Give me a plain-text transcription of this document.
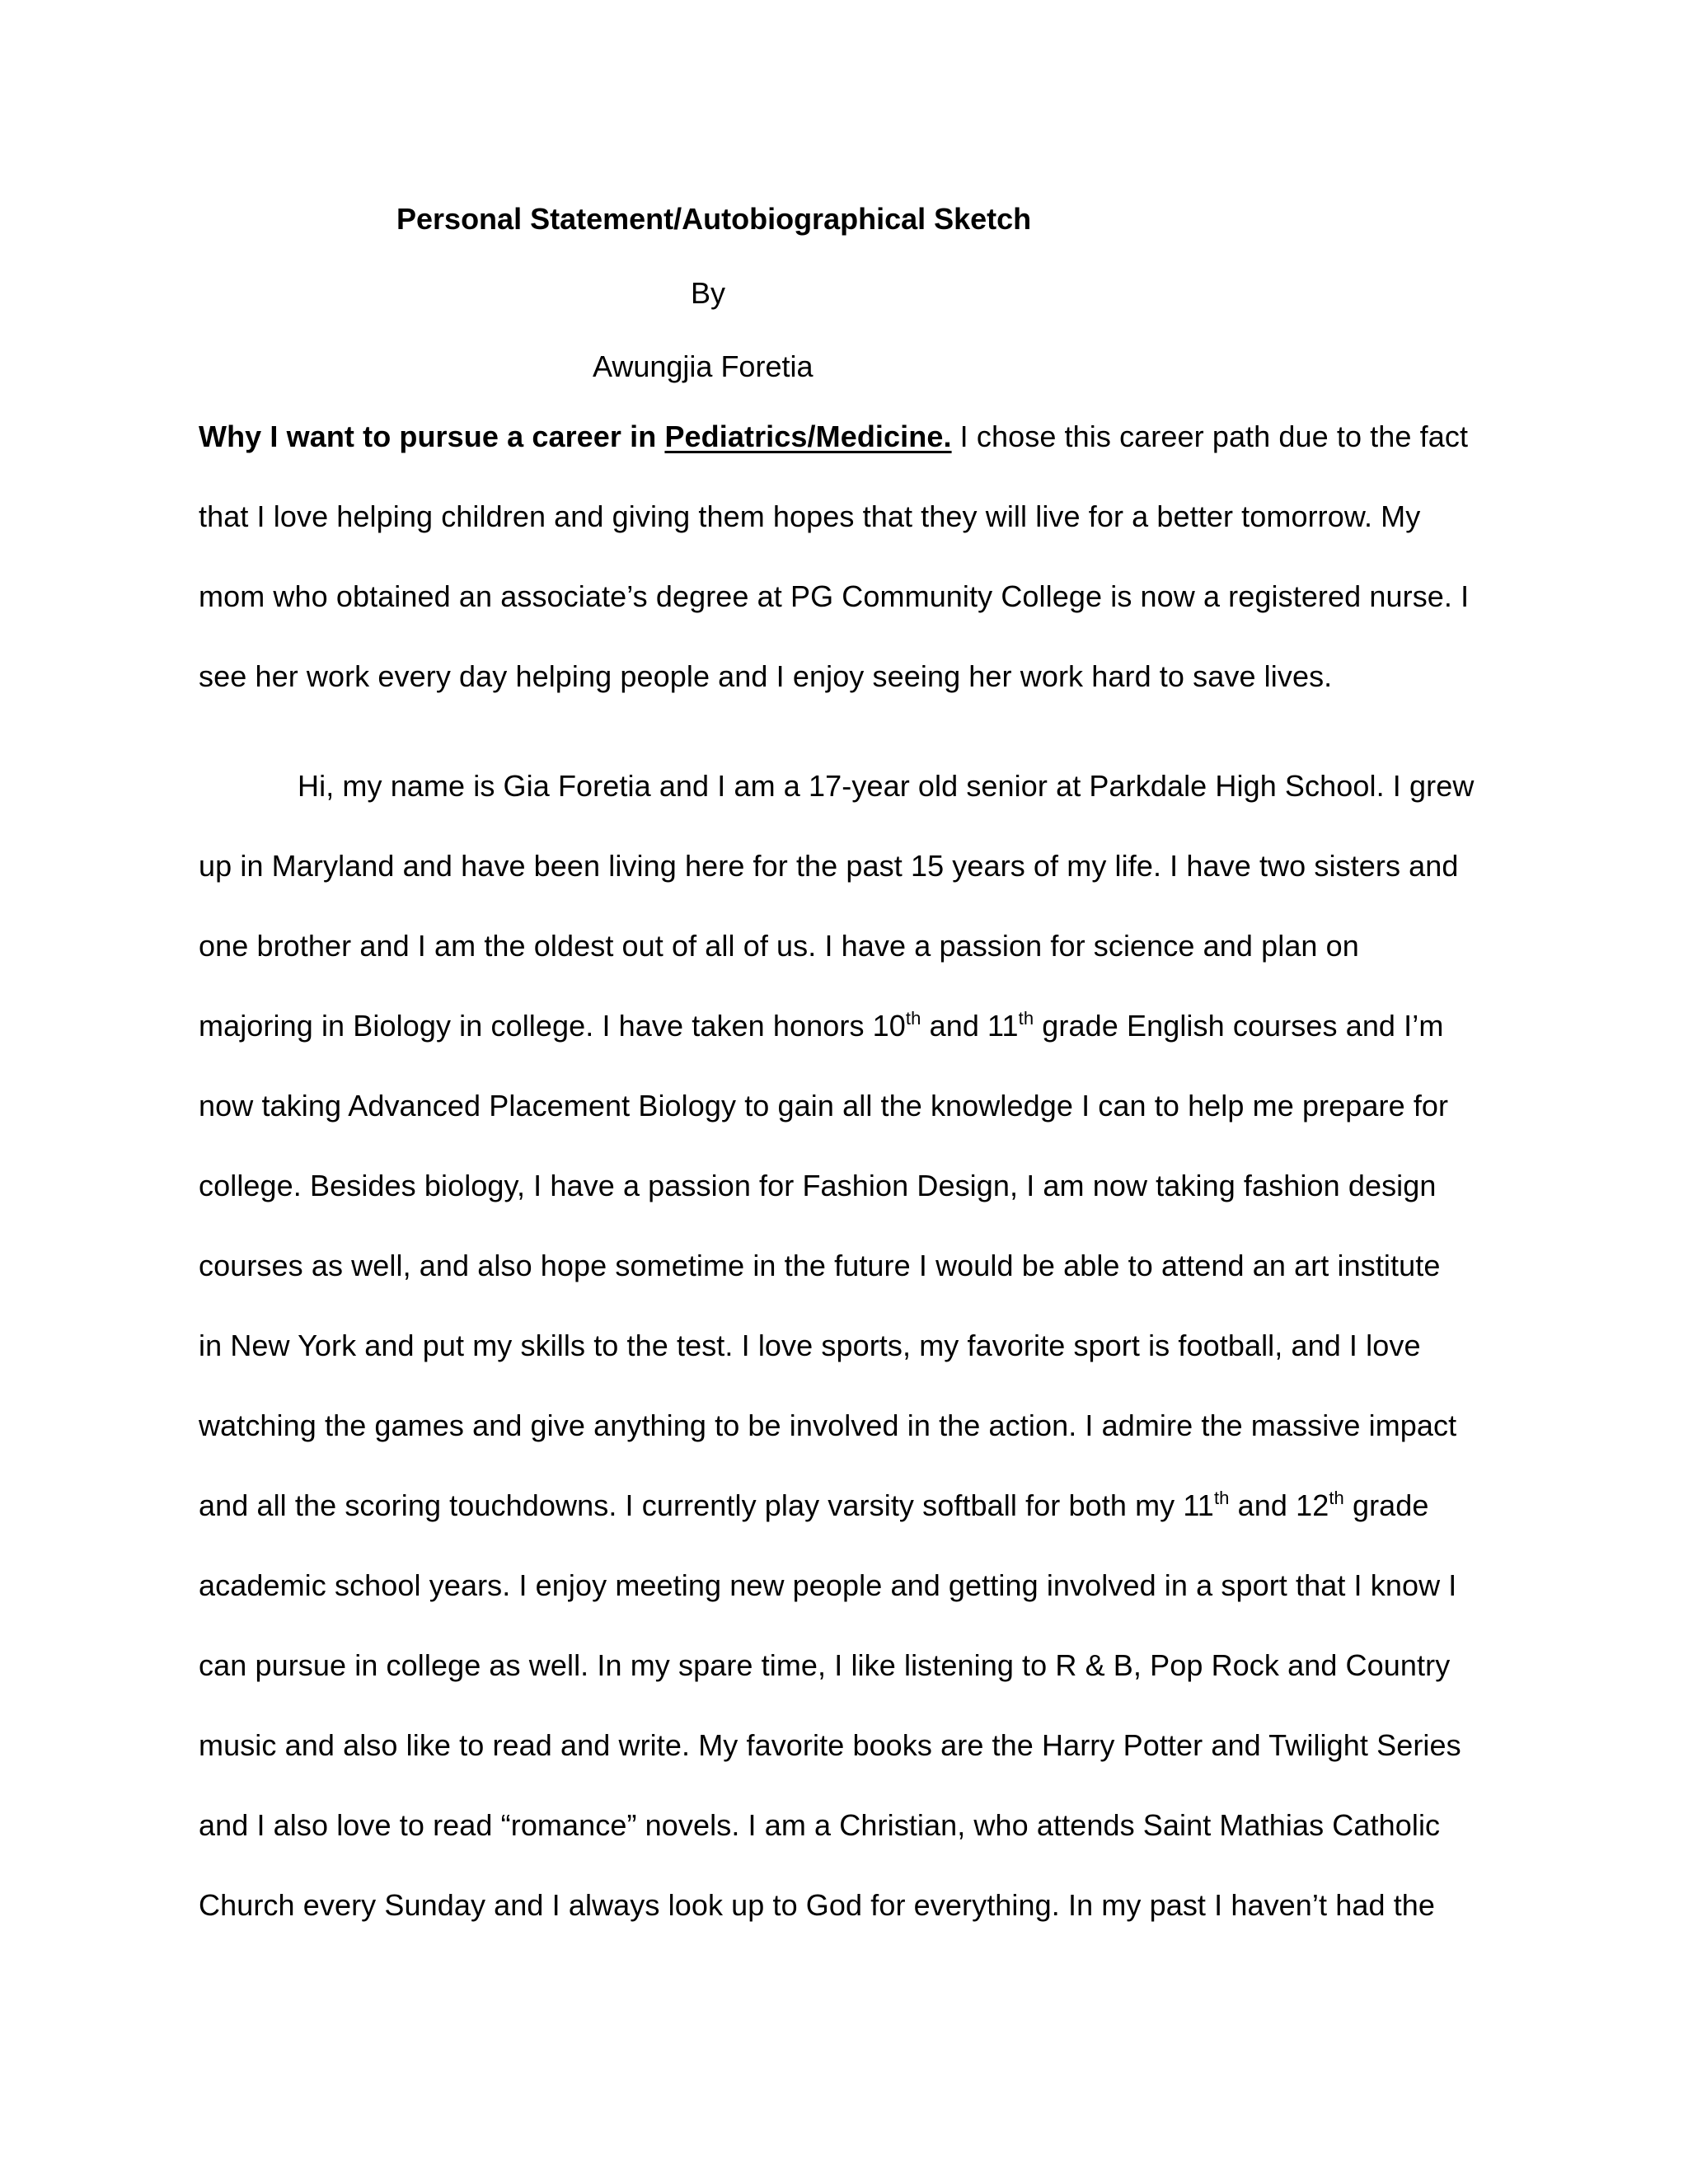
Personal Statement/Autobiographical Sketch
By
Awungjia Foretia
Why I want to pursue a career in Pediatrics/Medicine. I chose this career path due to the fact
that I love helping children and giving them hopes that they will live for a better tomorrow. My
mom who obtained an associate’s degree at PG Community College is now a registered nurse. I
see her work every day helping people and I enjoy seeing her work hard to save lives.
Hi, my name is Gia Foretia and I am a 17-year old senior at Parkdale High School. I grew
up in Maryland and have been living here for the past 15 years of my life. I have two sisters and
one brother and I am the oldest out of all of us. I have a passion for science and plan on
majoring in Biology in college. I have taken honors 10th and 11th grade English courses and I’m
now taking Advanced Placement Biology to gain all the knowledge I can to help me prepare for
college. Besides biology, I have a passion for Fashion Design, I am now taking fashion design
courses as well, and also hope sometime in the future I would be able to attend an art institute
in New York and put my skills to the test. I love sports, my favorite sport is football, and I love
watching the games and give anything to be involved in the action. I admire the massive impact
and all the scoring touchdowns. I currently play varsity softball for both my 11th and 12th grade
academic school years. I enjoy meeting new people and getting involved in a sport that I know I
can pursue in college as well. In my spare time, I like listening to R & B, Pop Rock and Country
music and also like to read and write. My favorite books are the Harry Potter and Twilight Series
and I also love to read “romance” novels. I am a Christian, who attends Saint Mathias Catholic
Church every Sunday and I always look up to God for everything. In my past I haven’t had the
